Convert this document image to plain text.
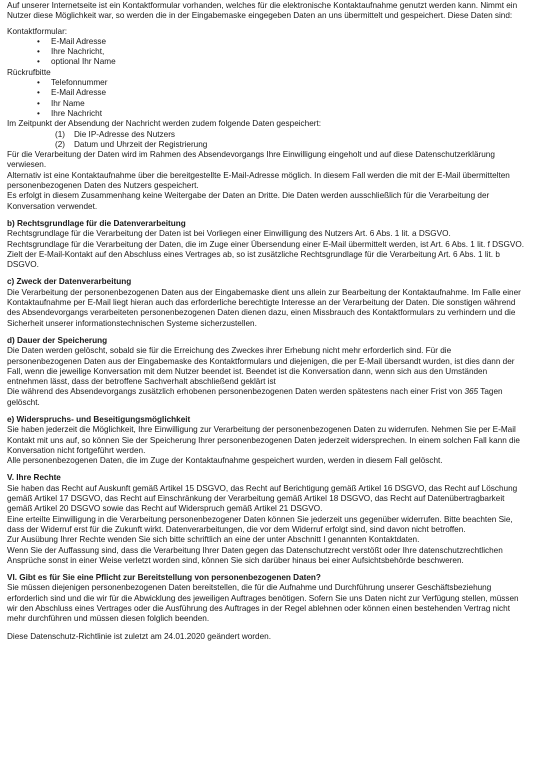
Auf unserer Internetseite ist ein Kontaktformular vorhanden, welches für die elektronische Kontaktaufnahme genutzt werden kann. Nimmt ein Nutzer diese Möglichkeit war, so werden die in der Eingabemaske eingegeben Daten an uns übermittelt und gespeichert. Diese Daten sind:

Kontaktformular:

• E-Mail Adresse
• Ihre Nachricht,
• optional Ihr Name

Rückrufbitte

• Telefonnummer
• E-Mail Adresse
• Ihr Name
• Ihre Nachricht

Im Zeitpunkt der Absendung der Nachricht werden zudem folgende Daten gespeichert:

(1) Die IP-Adresse des Nutzers
(2) Datum und Uhrzeit der Registrierung

Für die Verarbeitung der Daten wird im Rahmen des Absendevorgangs Ihre Einwilligung eingeholt und auf diese Datenschutzerklärung verwiesen.

Alternativ ist eine Kontaktaufnahme über die bereitgestellte E-Mail-Adresse möglich. In diesem Fall werden die mit der E-Mail übermittelten personenbezogenen Daten des Nutzers gespeichert.

Es erfolgt in diesem Zusammenhang keine Weitergabe der Daten an Dritte. Die Daten werden ausschließlich für die Verarbeitung der Konversation verwendet.

b) Rechtsgrundlage für die Datenverarbeitung

Rechtsgrundlage für die Verarbeitung der Daten ist bei Vorliegen einer Einwilligung des Nutzers Art. 6 Abs. 1 lit. a DSGVO.

Rechtsgrundlage für die Verarbeitung der Daten, die im Zuge einer Übersendung einer E-Mail übermittelt werden, ist Art. 6 Abs. 1 lit. f DSGVO. Zielt der E-Mail-Kontakt auf den Abschluss eines Vertrages ab, so ist zusätzliche Rechtsgrundlage für die Verarbeitung Art. 6 Abs. 1 lit. b DSGVO.

c) Zweck der Datenverarbeitung

Die Verarbeitung der personenbezogenen Daten aus der Eingabemaske dient uns allein zur Bearbeitung der Kontaktaufnahme. Im Falle einer Kontaktaufnahme per E-Mail liegt hieran auch das erforderliche berechtigte Interesse an der Verarbeitung der Daten. Die sonstigen während des Absendevorgangs verarbeiteten personenbezogenen Daten dienen dazu, einen Missbrauch des Kontaktformulars zu verhindern und die Sicherheit unserer informationstechnischen Systeme sicherzustellen.

d) Dauer der Speicherung

Die Daten werden gelöscht, sobald sie für die Erreichung des Zweckes ihrer Erhebung nicht mehr erforderlich sind. Für die personenbezogenen Daten aus der Eingabemaske des Kontaktformulars und diejenigen, die per E-Mail übersandt wurden, ist dies dann der Fall, wenn die jeweilige Konversation mit dem Nutzer beendet ist. Beendet ist die Konversation dann, wenn sich aus den Umständen entnehmen lässt, dass der betroffene Sachverhalt abschließend geklärt ist

Die während des Absendevorgangs zusätzlich erhobenen personenbezogenen Daten werden spätestens nach einer Frist von 365 Tagen gelöscht.

e) Widerspruchs- und Beseitigungsmöglichkeit

Sie haben jederzeit die Möglichkeit, Ihre Einwilligung zur Verarbeitung der personenbezogenen Daten zu widerrufen. Nehmen Sie per E-Mail Kontakt mit uns auf, so können Sie der Speicherung Ihrer personenbezogenen Daten jederzeit widersprechen. In einem solchen Fall kann die Konversation nicht fortgeführt werden.

Alle personenbezogenen Daten, die im Zuge der Kontaktaufnahme gespeichert wurden, werden in diesem Fall gelöscht.

V. Ihre Rechte

Sie haben das Recht auf Auskunft gemäß Artikel 15 DSGVO, das Recht auf Berichtigung gemäß Artikel 16 DSGVO, das Recht auf Löschung gemäß Artikel 17 DSGVO, das Recht auf Einschränkung der Verarbeitung gemäß Artikel 18 DSGVO, das Recht auf Datenübertragbarkeit gemäß Artikel 20 DSGVO sowie das Recht auf Widerspruch gemäß Artikel 21 DSGVO.

Eine erteilte Einwilligung in die Verarbeitung personenbezogener Daten können Sie jederzeit uns gegenüber widerrufen. Bitte beachten Sie, dass der Widerruf erst für die Zukunft wirkt. Datenverarbeitungen, die vor dem Widerruf erfolgt sind, sind davon nicht betroffen.

Zur Ausübung Ihrer Rechte wenden Sie sich bitte schriftlich an eine der unter Abschnitt I genannten Kontaktdaten.

Wenn Sie der Auffassung sind, dass die Verarbeitung Ihrer Daten gegen das Datenschutzrecht verstößt oder Ihre datenschutzrechtlichen Ansprüche sonst in einer Weise verletzt worden sind, können Sie sich darüber hinaus bei einer Aufsichtsbehörde beschweren.

VI. Gibt es für Sie eine Pflicht zur Bereitstellung von personenbezogenen Daten?

Sie müssen diejenigen personenbezogenen Daten bereitstellen, die für die Aufnahme und Durchführung unserer Geschäftsbeziehung erforderlich sind und die wir für die Abwicklung des jeweiligen Auftrages benötigen. Sofern Sie uns Daten nicht zur Verfügung stellen, müssen wir den Abschluss eines Vertrages oder die Ausführung des Auftrages in der Regel ablehnen oder können einen bestehenden Vertrag nicht mehr durchführen und müssen diesen folglich beenden.

Diese Datenschutz-Richtlinie ist zuletzt am 24.01.2020 geändert worden.
